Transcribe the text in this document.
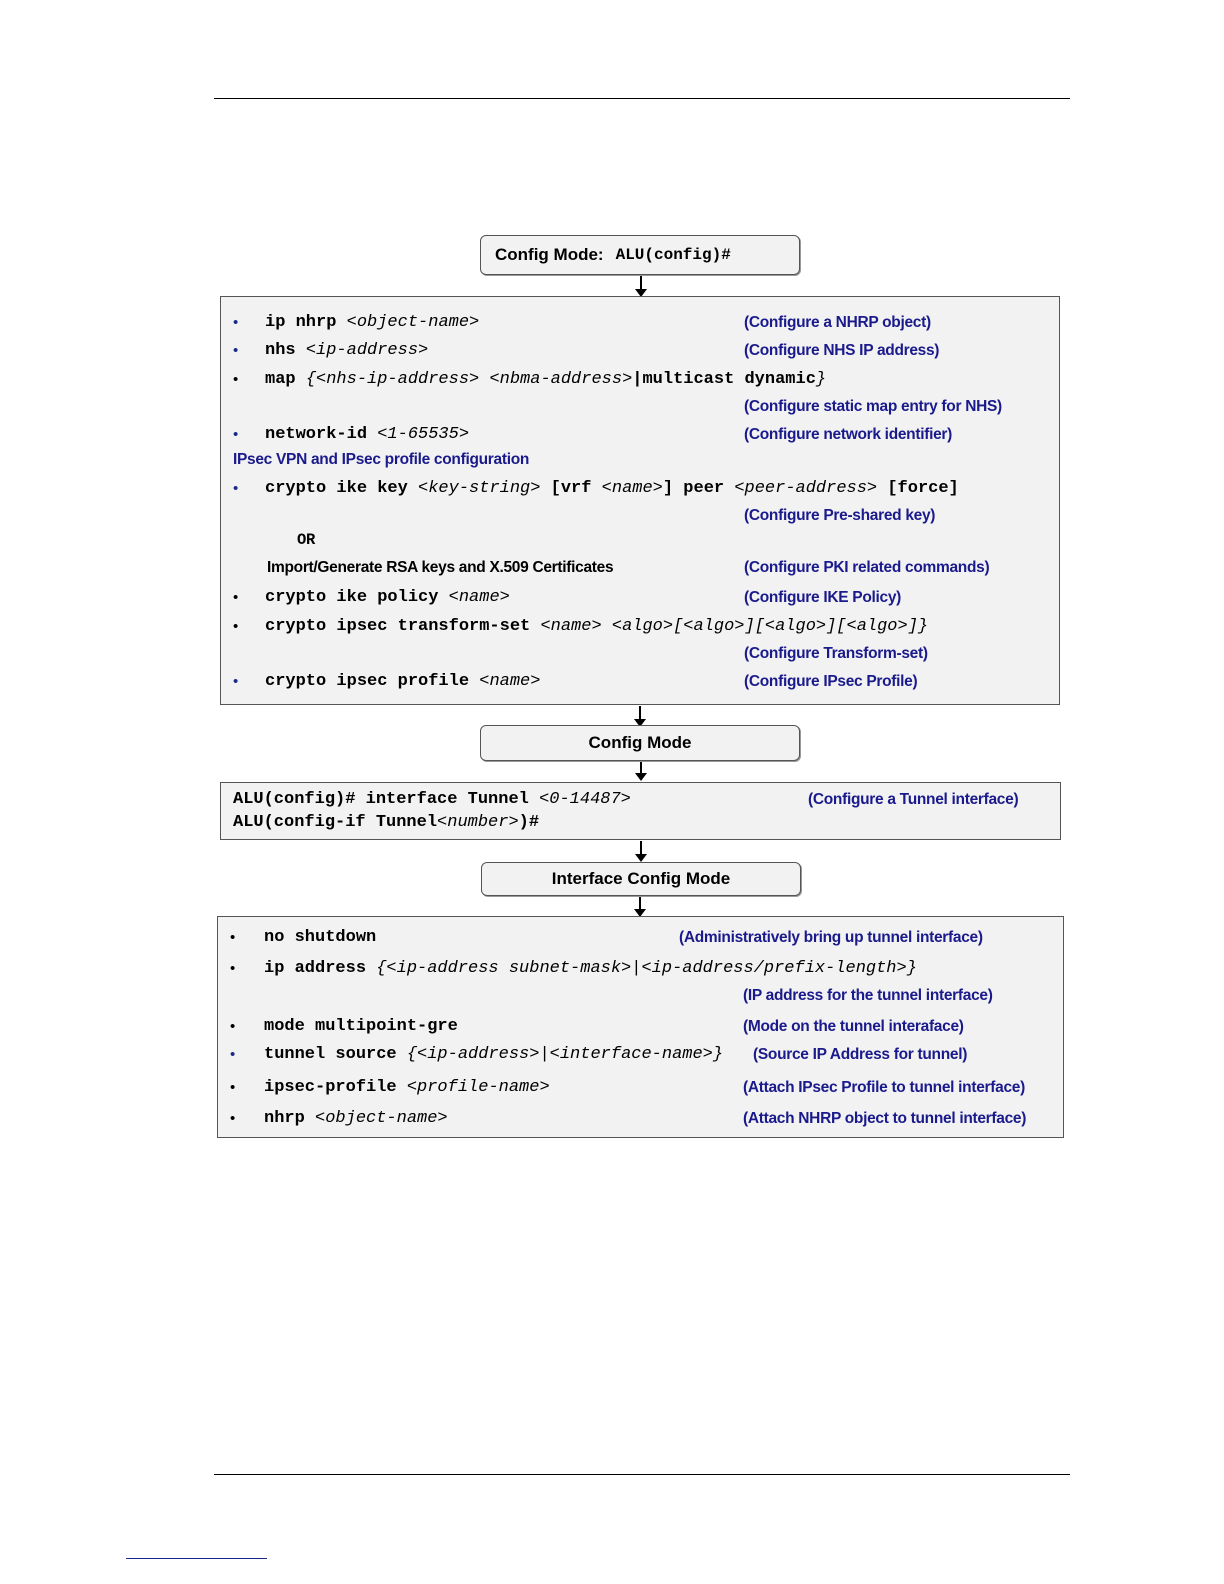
Config Mode: ALU(config)#
• ip nhrp <object-name>	(Configure a NHRP object)
• nhs <ip-address>	(Configure NHS IP address)
• map {<nhs-ip-address> <nbma-address>|multicast dynamic}
(Configure static map entry for NHS)
• network-id <1-65535>	(Configure network identifier)
IPsec VPN and IPsec profile configuration
• crypto ike key <key-string> [vrf <name>] peer <peer-address> [force]
(Configure Pre-shared key)
OR
Import/Generate RSA keys and X.509 Certificates	(Configure PKI related commands)
• crypto ike policy <name>	(Configure IKE Policy)
• crypto ipsec transform-set <name> <algo>[<algo>][<algo>][<algo>]}
(Configure Transform-set)
• crypto ipsec profile <name>	(Configure IPsec Profile)
Config Mode
ALU(config)# interface Tunnel <0-14487>
ALU(config-if Tunnel<number>)#
(Configure a Tunnel interface)
Interface Config Mode
• no shutdown	(Administratively bring up tunnel interface)
• ip address {<ip-address subnet-mask>|<ip-address/prefix-length>}
(IP address for the tunnel interface)
• mode multipoint-gre	(Mode on the tunnel interaface)
• tunnel source {<ip-address>|<interface-name>} (Source IP Address for tunnel)
• ipsec-profile <profile-name>	(Attach IPsec Profile to tunnel interface)
• nhrp <object-name>	(Attach NHRP object to tunnel interface)
